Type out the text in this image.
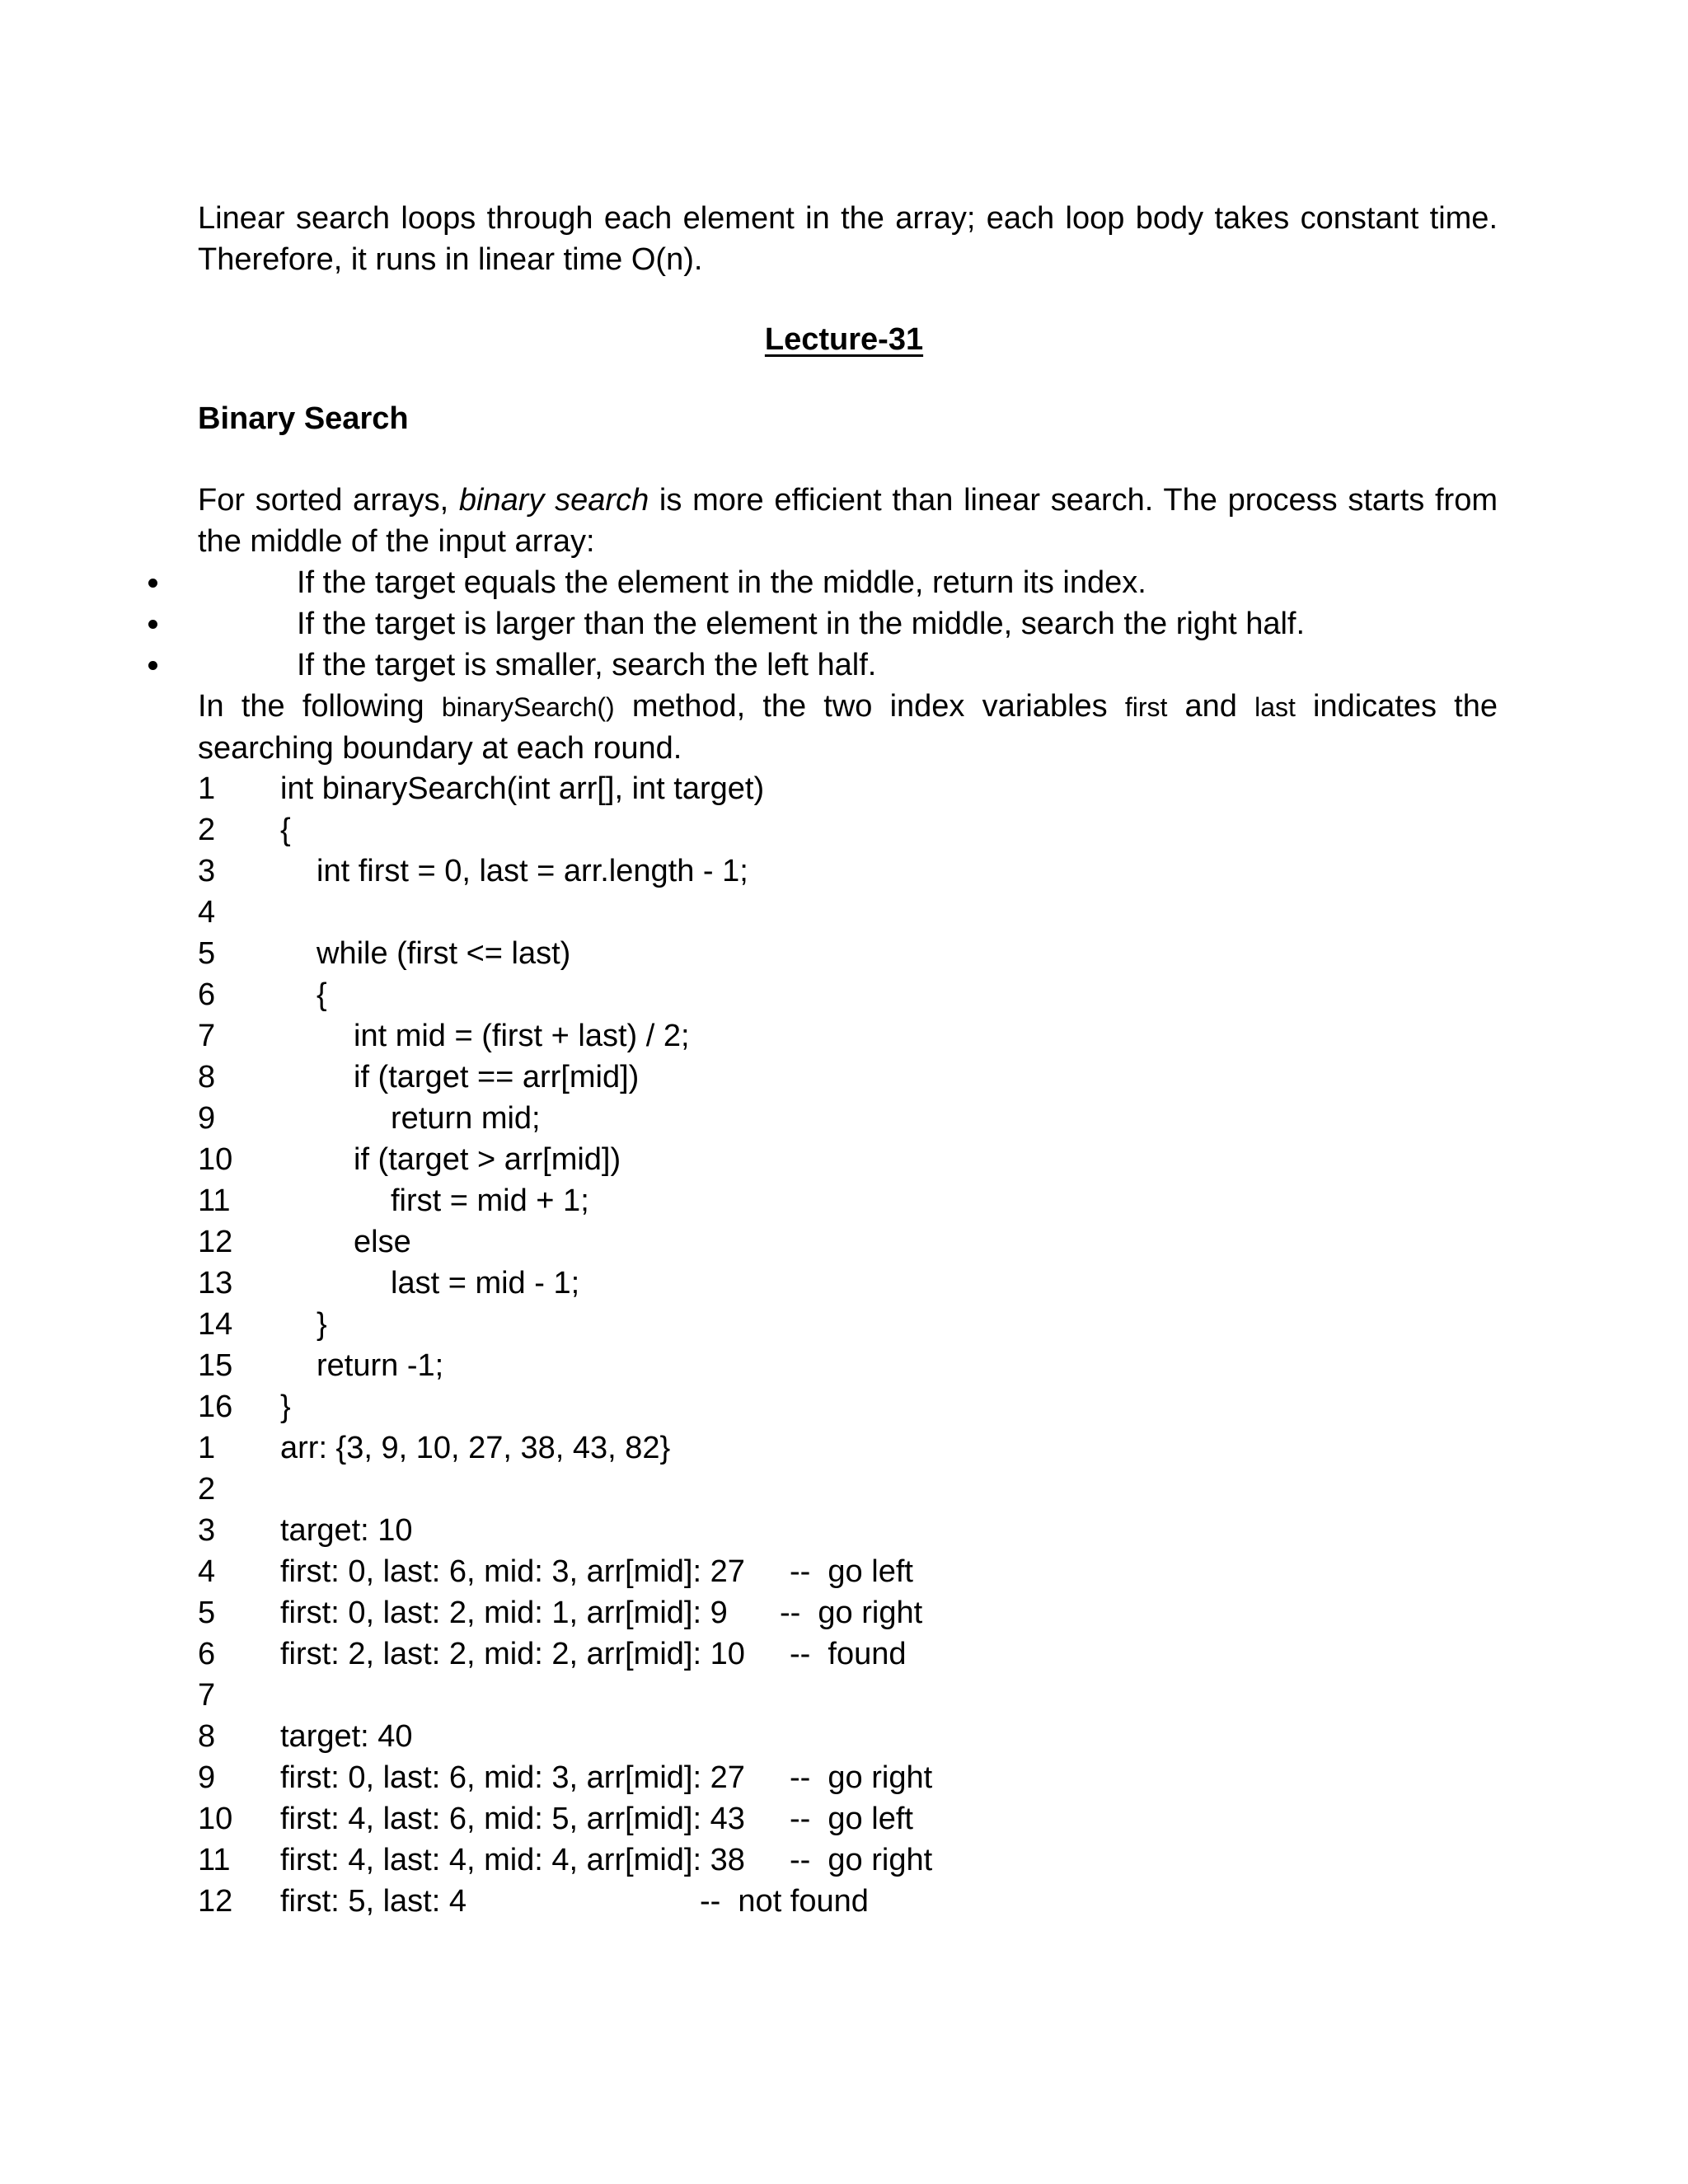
Linear search loops through each element in the array; each loop body takes constant time. Therefore, it runs in linear time O(n).
Lecture-31
Binary Search
For sorted arrays, binary search is more efficient than linear search. The process starts from the middle of the input array:
If the target equals the element in the middle, return its index.
If the target is larger than the element in the middle, search the right half.
If the target is smaller, search the left half.
In the following binarySearch() method, the two index variables first and last indicates the searching boundary at each round.
1 int binarySearch(int arr[], int target)
2 {
3	int first = 0, last = arr.length - 1;
4
5	while (first <= last)
6	{
7	int mid = (first + last) / 2;
8	if (target == arr[mid])
9	return mid;
10	if (target > arr[mid])
11	first = mid + 1;
12	else
13	last = mid - 1;
14	}
15	return -1;
16 }
1 arr: {3, 9, 10, 27, 38, 43, 82}
2
3 target: 10
4 first: 0, last: 6, mid: 3, arr[mid]: 27 --  go left
5 first: 0, last: 2, mid: 1, arr[mid]: 9 --  go right
6 first: 2, last: 2, mid: 2, arr[mid]: 10 --  found
7
8 target: 40
9 first: 0, last: 6, mid: 3, arr[mid]: 27 --  go right
10 first: 4, last: 6, mid: 5, arr[mid]: 43 --  go left
11 first: 4, last: 4, mid: 4, arr[mid]: 38 --  go right
12 first: 5, last: 4	--  not found
